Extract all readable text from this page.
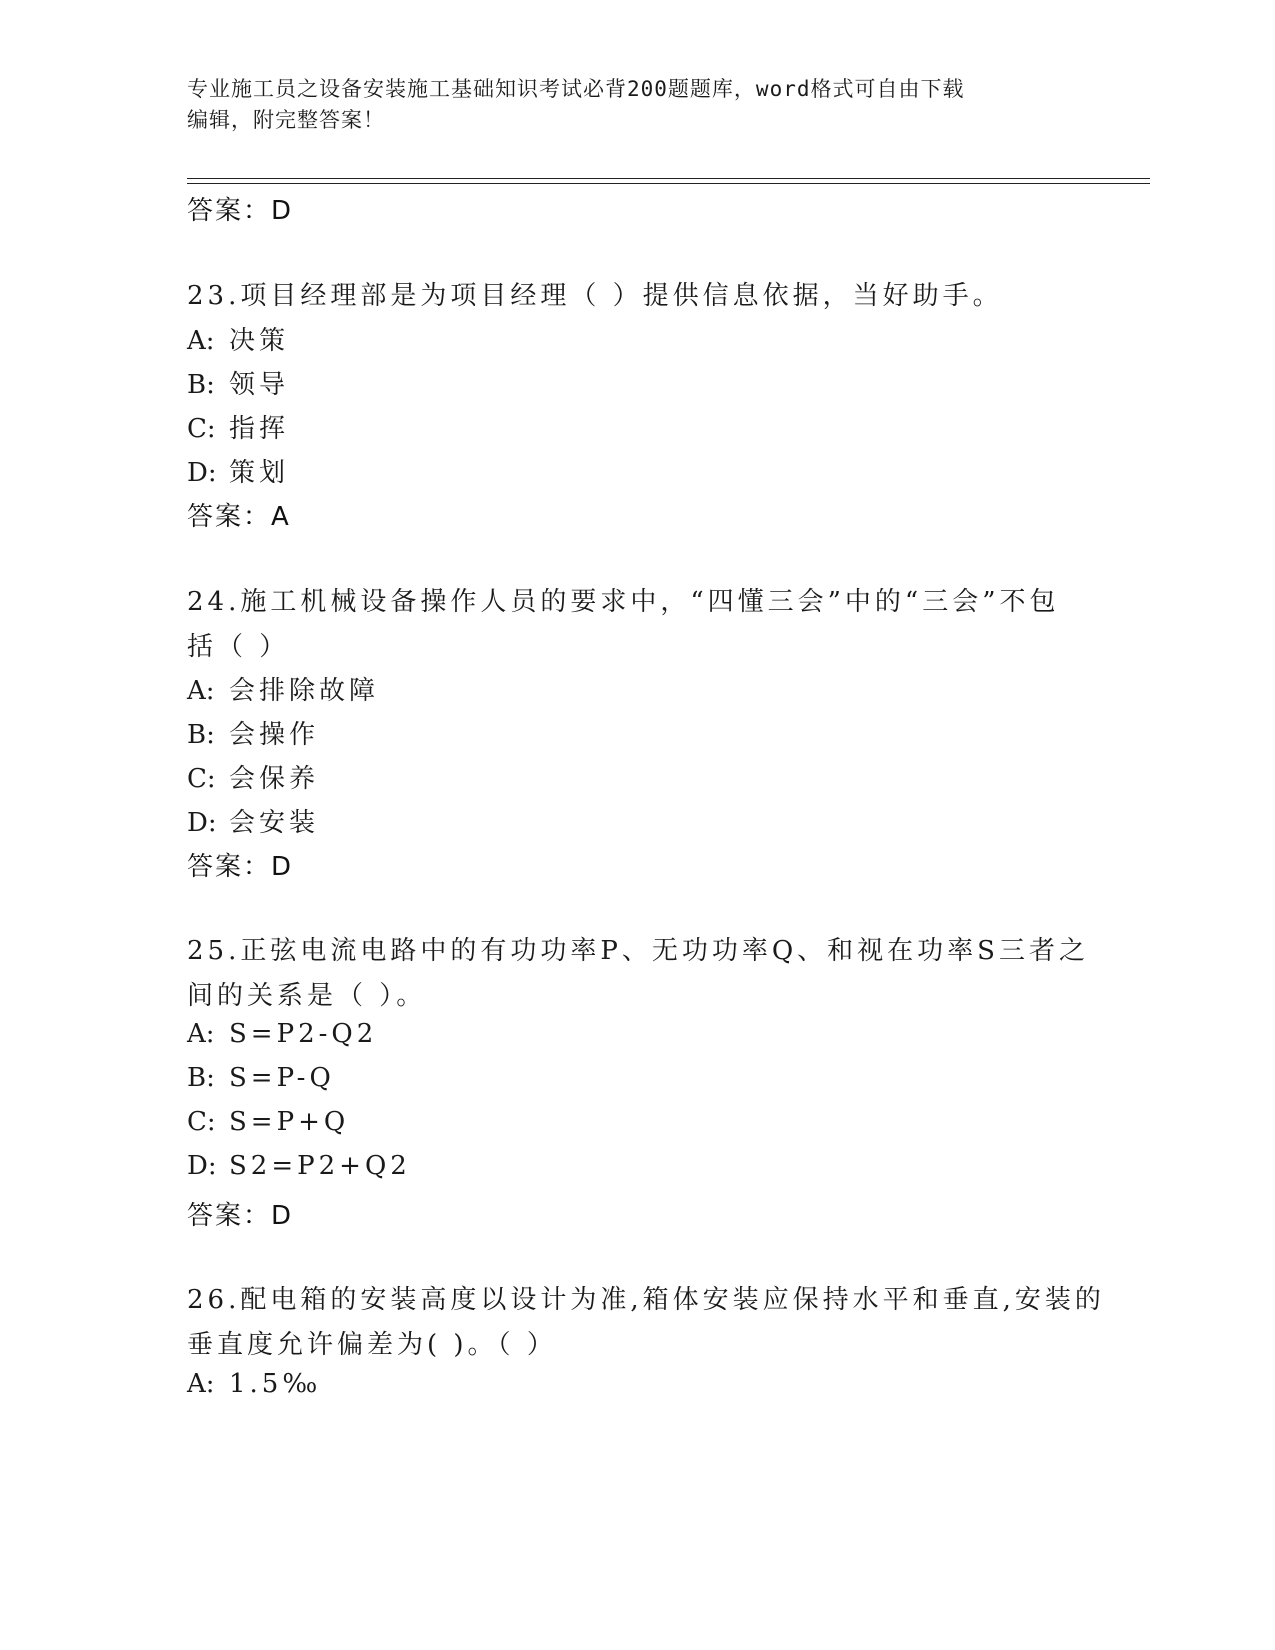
专业施工员之设备安装施工基础知识考试必背200题题库，word格式可自由下载
编辑，附完整答案！
答案：D
23.项目经理部是为项目经理（ ）提供信息依据，当好助手。
A: 决策
B: 领导
C: 指挥
D: 策划
答案：A
24.施工机械设备操作人员的要求中，“四懂三会”中的“三会”不包
括（ ）
A: 会排除故障
B: 会操作
C: 会保养
D: 会安装
答案：D
25.正弦电流电路中的有功功率P、无功功率Q、和视在功率S三者之
间的关系是（ ）。
A: S=P2-Q2
B: S=P-Q
C: S=P+Q
D: S2=P2+Q2
答案：D
26.配电箱的安装高度以设计为准,箱体安装应保持水平和垂直,安装的
垂直度允许偏差为( )。（ ）
A: 1.5‰
